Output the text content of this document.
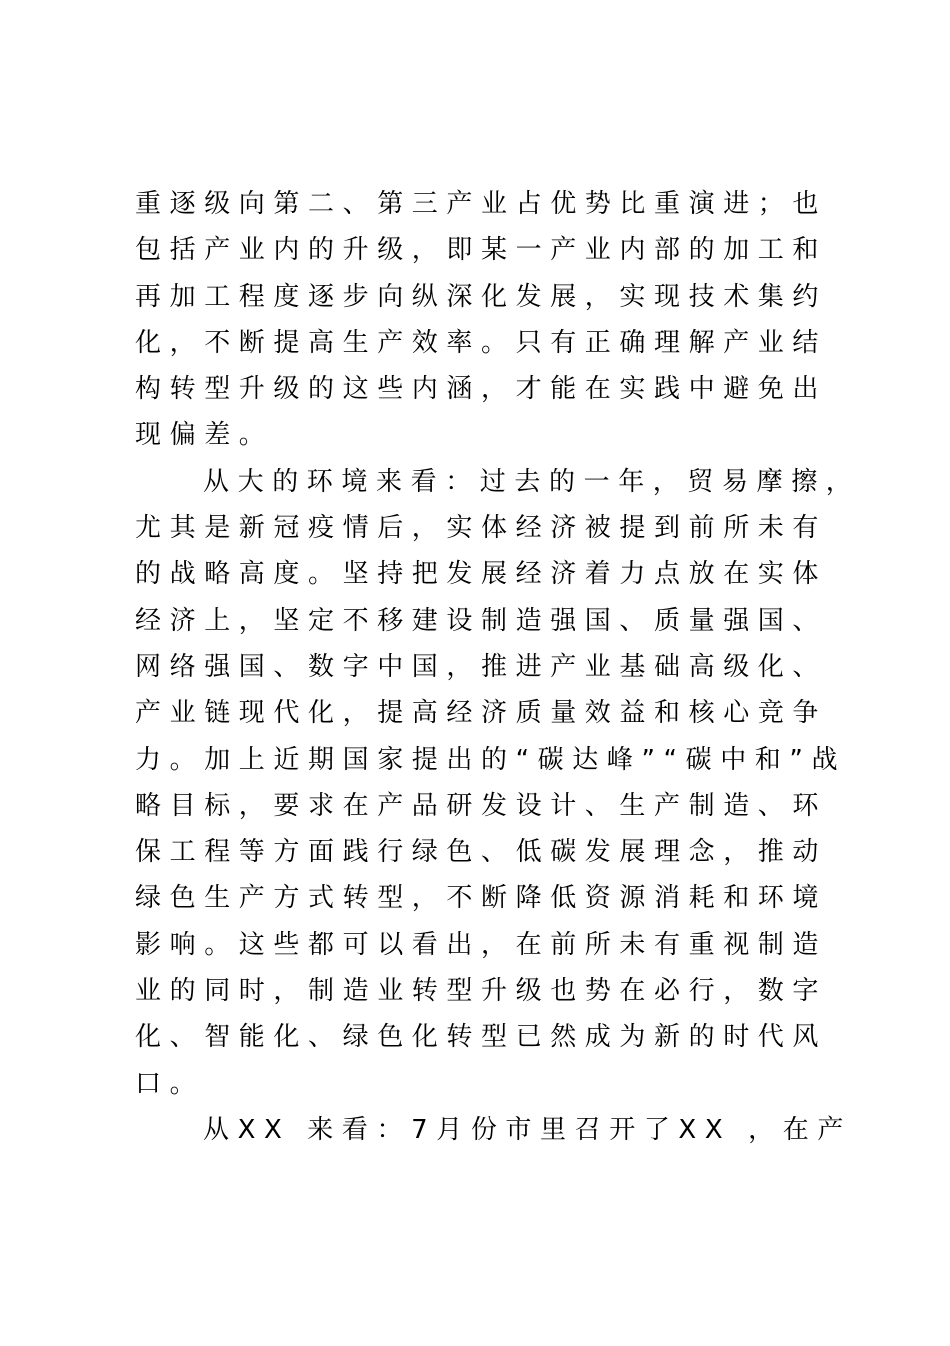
重逐级向第二、第三产业占优势比重演进；也
包括产业内的升级，即某一产业内部的加工和
再加工程度逐步向纵深化发展，实现技术集约
化，不断提高生产效率。只有正确理解产业结
构转型升级的这些内涵，才能在实践中避免出
现偏差。
从大的环境来看：过去的一年，贸易摩擦，
尤其是新冠疫情后，实体经济被提到前所未有
的战略高度。坚持把发展经济着力点放在实体
经济上，坚定不移建设制造强国、质量强国、
网络强国、数字中国，推进产业基础高级化、
产业链现代化，提高经济质量效益和核心竞争
力。加上近期国家提出的“碳达峰”“碳中和”战
略目标，要求在产品研发设计、生产制造、环
保工程等方面践行绿色、低碳发展理念，推动
绿色生产方式转型，不断降低资源消耗和环境
影响。这些都可以看出，在前所未有重视制造
业的同时，制造业转型升级也势在必行，数字
化、智能化、绿色化转型已然成为新的时代风
口。
从XX 来看：7月份市里召开了XX ，在产
